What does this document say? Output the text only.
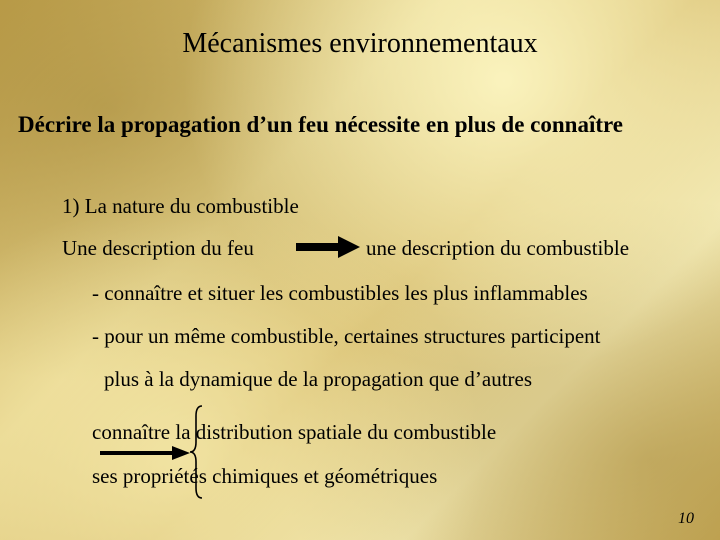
Mécanismes environnementaux
Décrire la propagation d’un feu nécessite en plus de connaître
1) La nature du combustible
Une description du feu	une description du combustible
- connaître et situer les combustibles les plus inflammables
- pour un même combustible, certaines structures participent
plus à la dynamique de la propagation que d’autres
connaître la distribution spatiale du combustible
ses propriétés chimiques et géométriques
10
